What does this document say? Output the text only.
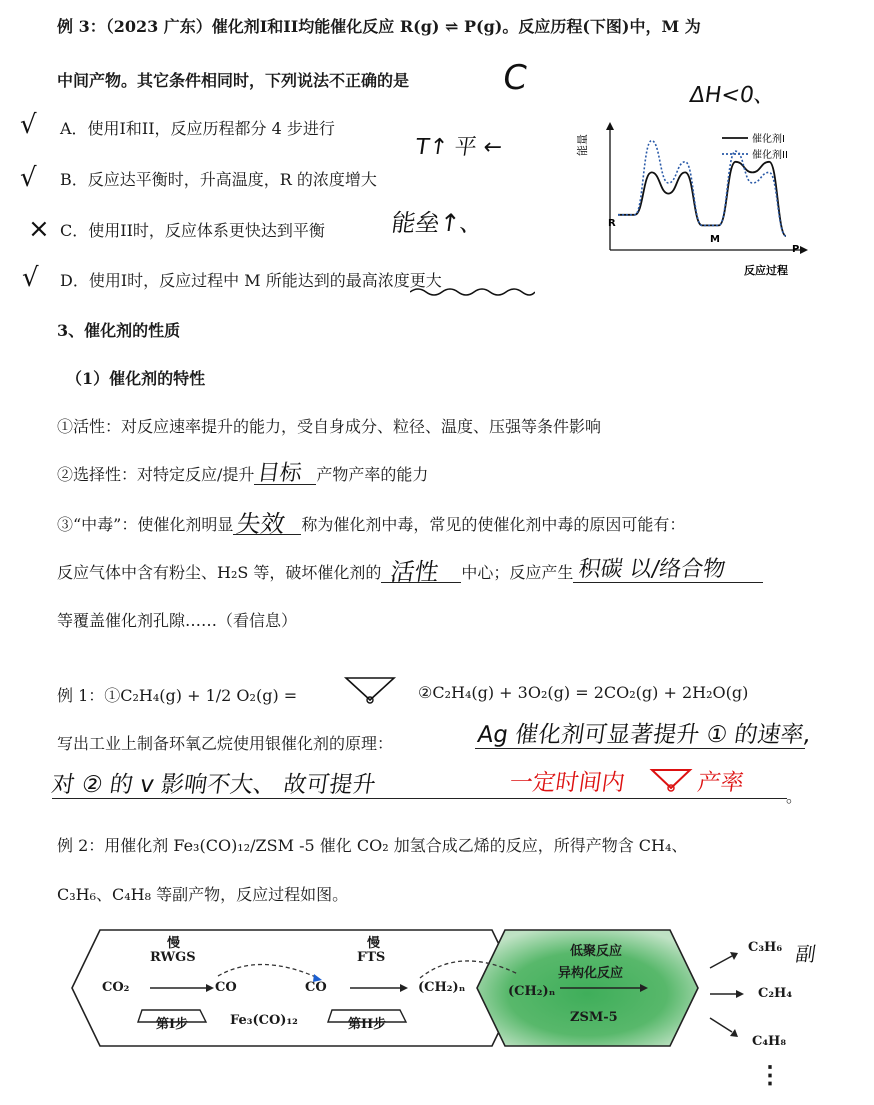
例 3：（2023 广东）催化剂I和II均能催化反应 R(g) ⇌ P(g)。反应历程(下图)中，M 为
中间产物。其它条件相同时，下列说法不正确的是	C	ΔH<0、
√ A．使用I和II，反应历程都分 4 步进行
T↑ 平 ←
√ B．反应达平衡时，升高温度，R 的浓度增大
× C．使用II时，反应体系更快达到平衡	能垒↑、
√ D．使用I时，反应过程中 M 所能达到的最高浓度更大
能量
反应过程
催化剂I
催化剂II
R
M
P
3、催化剂的性质
（1）催化剂的特性
①活性：对反应速率提升的能力，受自身成分、粒径、温度、压强等条件影响
②选择性：对特定反应/提升 目标 产物产率的能力
③“中毒”：使催化剂明显 失效 称为催化剂中毒，常见的使催化剂中毒的原因可能有：
反应气体中含有粉尘、H₂S 等，破坏催化剂的 活性 中心；反应产生 积碳 以/络合物
等覆盖催化剂孔隙……（看信息）
例 1：①C₂H₄(g) + 1/2 O₂(g) =	②C₂H₄(g) + 3O₂(g) = 2CO₂(g) + 2H₂O(g)
写出工业上制备环氧乙烷使用银催化剂的原理：	Ag 催化剂可显著提升 ① 的速率,
对 ② 的 v 影响不大、 故可提升	一定时间内	产率
。
例 2：用催化剂 Fe₃(CO)₁₂/ZSM -5 催化 CO₂ 加氢合成乙烯的反应，所得产物含 CH₄、
C₃H₆、C₄H₈ 等副产物，反应过程如图。
慢
RWGS
CO₂	CO	CO
慢
FTS
(CH₂)ₙ
第I步	Fe₃(CO)₁₂	第II步
低聚反应
异构化反应
(CH₂)ₙ
ZSM-5
C₃H₆ 副
C₂H₄
C₄H₈
⋮
